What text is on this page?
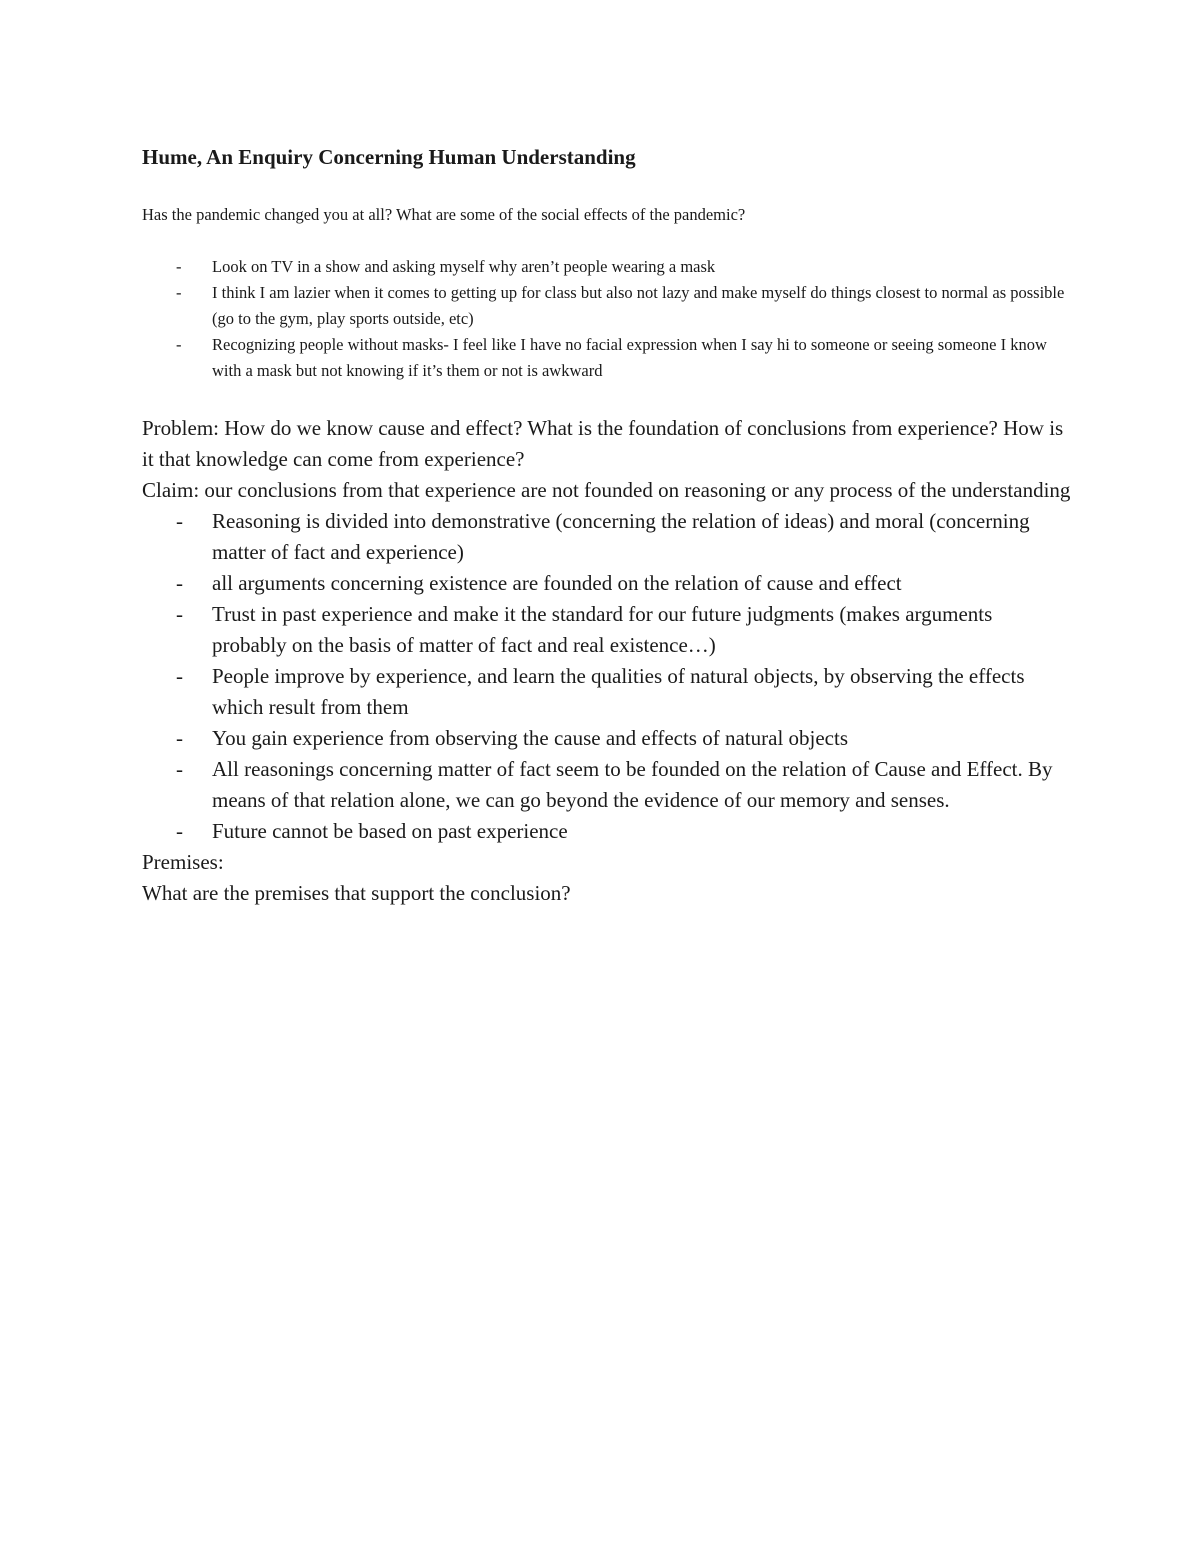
Hume, An Enquiry Concerning Human Understanding
Has the pandemic changed you at all? What are some of the social effects of the pandemic?
- Look on TV in a show and asking myself why aren’t people wearing a mask
- I think I am lazier when it comes to getting up for class but also not lazy and make myself do things closest to normal as possible (go to the gym, play sports outside, etc)
- Recognizing people without masks- I feel like I have no facial expression when I say hi to someone or seeing someone I know with a mask but not knowing if it’s them or not is awkward

Problem: How do we know cause and effect? What is the foundation of conclusions from experience? How is it that knowledge can come from experience?

Claim: our conclusions from that experience are not founded on reasoning or any process of the understanding

- Reasoning is divided into demonstrative (concerning the relation of ideas) and moral (concerning matter of fact and experience)
- all arguments concerning existence are founded on the relation of cause and effect
- Trust in past experience and make it the standard for our future judgments (makes arguments probably on the basis of matter of fact and real existence…)
- People improve by experience, and learn the qualities of natural objects, by observing the effects which result from them
- You gain experience from observing the cause and effects of natural objects
- All reasonings concerning matter of fact seem to be founded on the relation of Cause and Effect. By means of that relation alone, we can go beyond the evidence of our memory and senses.
- Future cannot be based on past experience

Premises:

What are the premises that support the conclusion?
